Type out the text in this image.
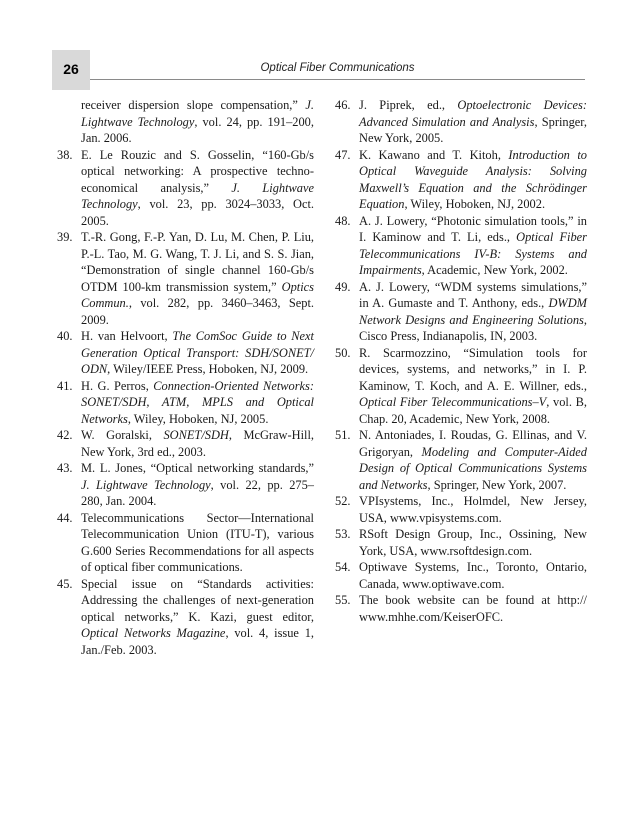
26	Optical Fiber Communications

receiver dispersion slope compensation,” J. Lightwave Technology, vol. 24, pp. 191–200, Jan. 2006.

38. E. Le Rouzic and S. Gosselin, “160-Gb/s optical networking: A prospective techno-economical analysis,” J. Lightwave Technology, vol. 23, pp. 3024–3033, Oct. 2005.

39. T.-R. Gong, F.-P. Yan, D. Lu, M. Chen, P. Liu, P.-L. Tao, M. G. Wang, T. J. Li, and S. S. Jian, “Demonstration of single channel 160-Gb/s OTDM 100-km transmission system,” Optics Commun., vol. 282, pp. 3460–3463, Sept. 2009.

40. H. van Helvoort, The ComSoc Guide to Next Generation Optical Transport: SDH/SONET/ ODN, Wiley/IEEE Press, Hoboken, NJ, 2009.

41. H. G. Perros, Connection-Oriented Networks: SONET/SDH, ATM, MPLS and Optical Networks, Wiley, Hoboken, NJ, 2005.

42. W. Goralski, SONET/SDH, McGraw-Hill, New York, 3rd ed., 2003.

43. M. L. Jones, “Optical networking standards,” J. Lightwave Technology, vol. 22, pp. 275–280, Jan. 2004.

44. Telecommunications Sector—International Telecommunication Union (ITU-T), various G.600 Series Recommendations for all aspects of optical fiber communications.

45. Special issue on “Standards activities: Addressing the challenges of next-generation optical networks,” K. Kazi, guest editor, Optical Networks Magazine, vol. 4, issue 1, Jan./Feb. 2003.

46. J. Piprek, ed., Optoelectronic Devices: Advanced Simulation and Analysis, Springer, New York, 2005.

47. K. Kawano and T. Kitoh, Introduction to Optical Waveguide Analysis: Solving Maxwell’s Equation and the Schrödinger Equation, Wiley, Hoboken, NJ, 2002.

48. A. J. Lowery, “Photonic simulation tools,” in I. Kaminow and T. Li, eds., Optical Fiber Telecommunications IV-B: Systems and Impairments, Academic, New York, 2002.

49. A. J. Lowery, “WDM systems simulations,” in A. Gumaste and T. Anthony, eds., DWDM Network Designs and Engineering Solutions, Cisco Press, Indianapolis, IN, 2003.

50. R. Scarmozzino, “Simulation tools for devices, systems, and networks,” in I. P. Kaminow, T. Koch, and A. E. Willner, eds., Optical Fiber Telecommunications–V, vol. B, Chap. 20, Academic, New York, 2008.

51. N. Antoniades, I. Roudas, G. Ellinas, and V. Grigoryan, Modeling and Computer-Aided Design of Optical Communications Systems and Networks, Springer, New York, 2007.

52. VPIsystems, Inc., Holmdel, New Jersey, USA, www.vpisystems.com.

53. RSoft Design Group, Inc., Ossining, New York, USA, www.rsoftdesign.com.

54. Optiwave Systems, Inc., Toronto, Ontario, Canada, www.optiwave.com.

55. The book website can be found at http:// www.mhhe.com/KeiserOFC.
